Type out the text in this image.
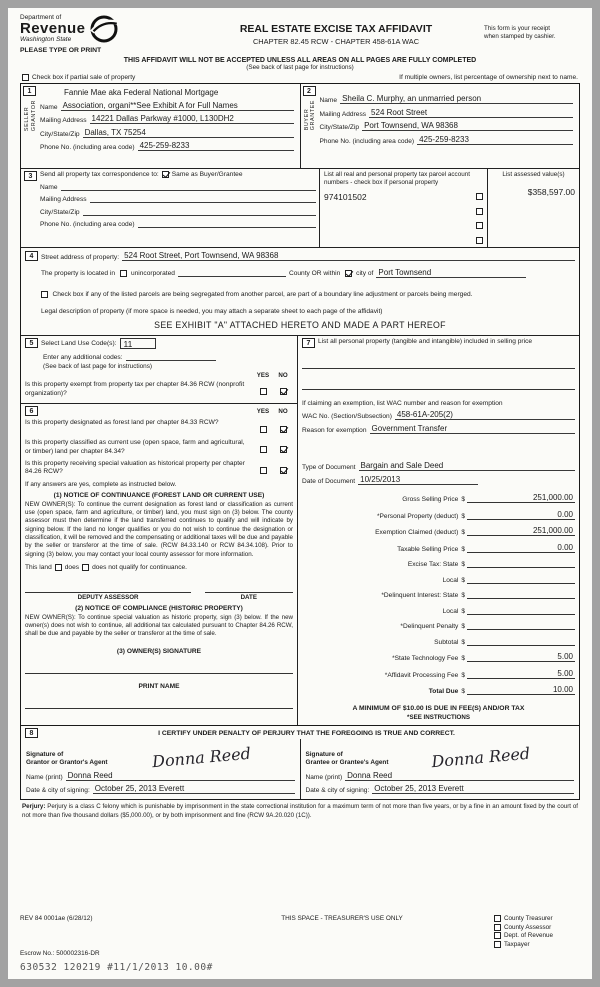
Department of
Revenue
Washington State
PLEASE TYPE OR PRINT
REAL ESTATE EXCISE TAX AFFIDAVIT
CHAPTER 82.45 RCW - CHAPTER 458-61A WAC
This form is your receipt
when stamped by cashier.
THIS AFFIDAVIT WILL NOT BE ACCEPTED UNLESS ALL AREAS ON ALL PAGES ARE FULLY COMPLETED
(See back of last page for instructions)
Check box if partial sale of property	If multiple owners, list percentage of ownership next to name.
1
SELLER GRANTOR
Fannie Mae aka Federal National Mortgage
Name Association, organi**See Exhibit A for Full Names
Mailing Address 14221 Dallas Parkway #1000, L130DH2
City/State/Zip Dallas, TX 75254
Phone No. (including area code) 425-259-8233
2
BUYER GRANTEE Name Sheila C. Murphy, an unmarried person
Mailing Address 524 Root Street
City/State/Zip Port Townsend, WA 98368
Phone No. (including area code) 425-259-8233
3	Send all property tax correspondence to: Same as Buyer/Grantee
Name
Mailing Address
City/State/Zip
Phone No. (including area code)
List all real and personal property tax parcel account numbers - check box if personal property
974101502
List assessed value(s)
$358,597.00
4	Street address of property: 524 Root Street, Port Townsend, WA 98368
The property is located in

unincorporated	County OR within

city of Port Townsend

Check box if any of the listed parcels are being segregated from another parcel, are part of a boundary line adjustment or parcels being merged.
Legal description of property (if more space is needed, you may attach a separate sheet to each page of the affidavit)
SEE EXHIBIT "A" ATTACHED HERETO AND MADE A PART HEREOF
5	Select Land Use Code(s): 11
Enter any additional codes:
(See back of last page for instructions)
YES	NO
Is this property exempt from property tax per chapter 84.36 RCW (nonprofit organization)?
6	YES	NO
Is this property designated as forest land per chapter 84.33 RCW?
Is this property classified as current use (open space, farm and agricultural, or timber) land per chapter 84.34?
Is this property receiving special valuation as historical property per chapter 84.26 RCW?
If any answers are yes, complete as instructed below.
(1) NOTICE OF CONTINUANCE (FOREST LAND OR CURRENT USE)
NEW OWNER(S): To continue the current designation as forest land or classification as current use (open space, farm and agriculture, or timber) land, you must sign on (3) below. The county assessor must then determine if the land transferred continues to qualify and will indicate by signing below. If the land no longer qualifies or you do not wish to continue the designation or classification, it will be removed and the compensating or additional taxes will be due and payable by the seller or transferor at the time of sale. (RCW 84.33.140 or RCW 84.34.108). Prior to signing (3) below, you may contact your local county assessor for more information.
This land does does not qualify for continuance.
DEPUTY ASSESSOR	DATE
(2) NOTICE OF COMPLIANCE (HISTORIC PROPERTY)
NEW OWNER(S): To continue special valuation as historic property, sign (3) below. If the new owner(s) does not wish to continue, all additional tax calculated pursuant to Chapter 84.26 RCW, shall be due and payable by the seller or transferor at the time of sale.
(3) OWNER(S) SIGNATURE
PRINT NAME
7	List all personal property (tangible and intangible) included in selling price
If claiming an exemption, list WAC number and reason for exemption
WAC No. (Section/Subsection) 458-61A-205(2)
Reason for exemption Government Transfer
Type of Document Bargain and Sale Deed
Date of Document 10/25/2013
Gross Selling Price $	251,000.00
*Personal Property (deduct) $	0.00
Exemption Claimed (deduct) $	251,000.00
Taxable Selling Price $	0.00
Excise Tax: State $
Local $
*Delinquent Interest: State $
Local $
*Delinquent Penalty $
Subtotal $
*State Technology Fee $	5.00
*Affidavit Processing Fee $	5.00
Total Due $	10.00
A MINIMUM OF $10.00 IS DUE IN FEE(S) AND/OR TAX
*SEE INSTRUCTIONS
8	I CERTIFY UNDER PENALTY OF PERJURY THAT THE FOREGOING IS TRUE AND CORRECT.
Signature of
Grantor or Grantor's Agent	Donna Reed
Name (print) Donna Reed
Date & city of signing: October 25, 2013 Everett
Signature of
Grantee or Grantee's Agent	Donna Reed
Name (print) Donna Reed
Date & city of signing: October 25, 2013 Everett
Perjury: Perjury is a class C felony which is punishable by imprisonment in the state correctional institution for a maximum term of not more than five years, or by a fine in an amount fixed by the court of not more than five thousand dollars ($5,000.00), or by both imprisonment and fine (RCW 9A.20.020 (1C)).
REV 84 0001ae (6/28/12)	THIS SPACE - TREASURER'S USE ONLY	County Treasurer
County Assessor
Dept. of Revenue
Taxpayer
Escrow No.: 500002316-DR
630532 120219 #11/1/2013 10.00#
